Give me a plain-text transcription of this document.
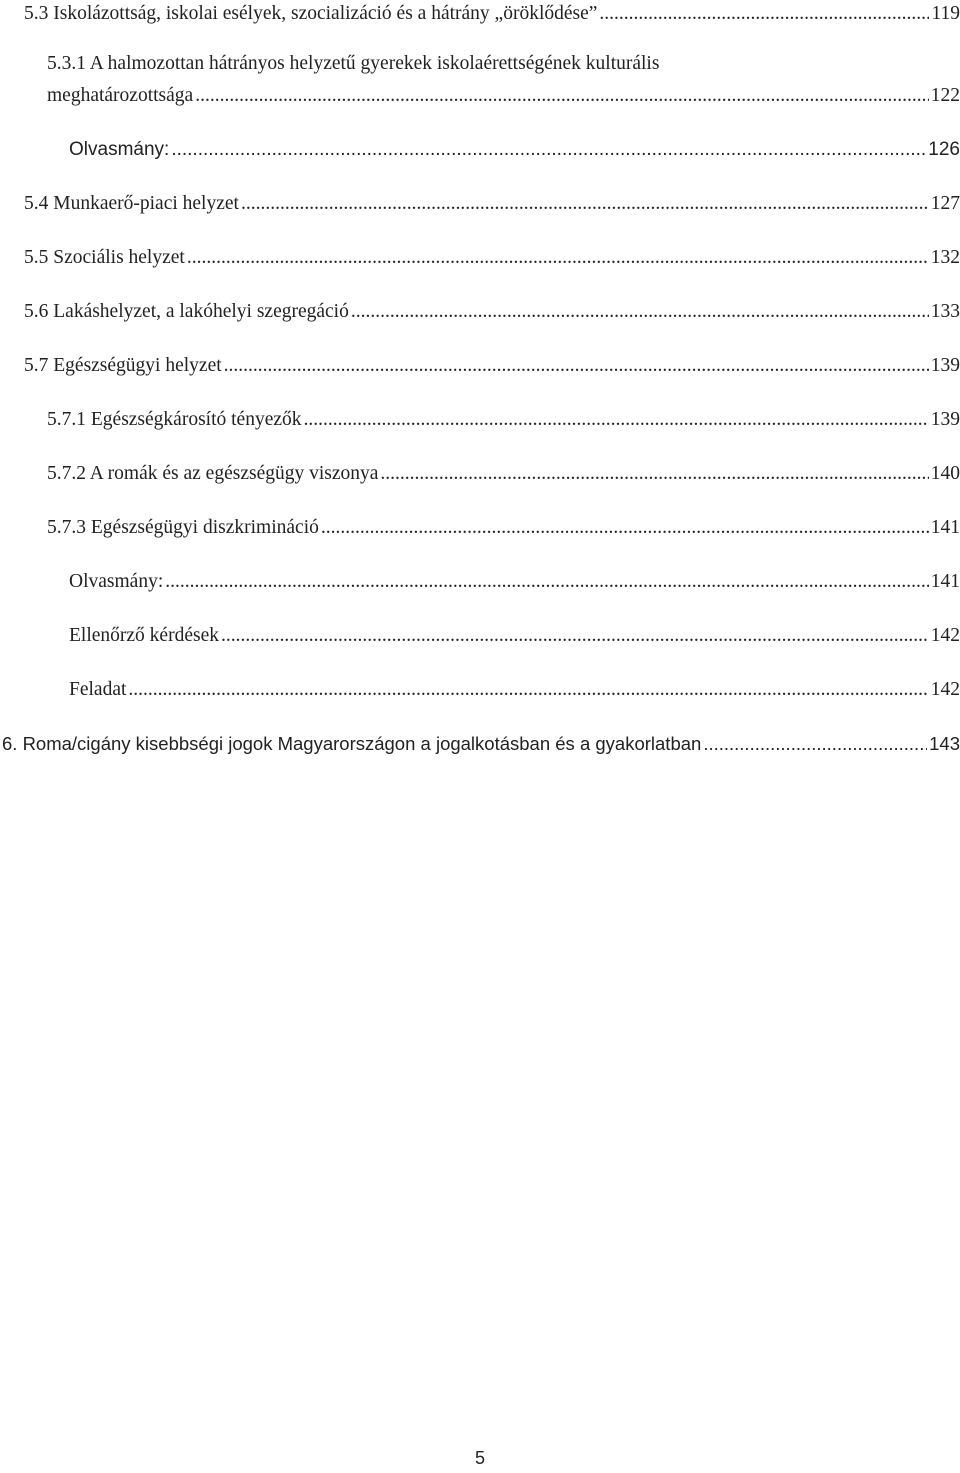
5.3 Iskolázottság, iskolai esélyek, szocializáció és a hátrány „öröklődése” .....	119
5.3.1 A halmozottan hátrányos helyzetű gyerekek iskolaérettségének kulturális
meghatározottsága .....	122
Olvasmány: .....	126
5.4 Munkaerő-piaci helyzet .....	127
5.5 Szociális helyzet .....	132
5.6 Lakáshelyzet, a lakóhelyi szegregáció .....	133
5.7 Egészségügyi helyzet .....	139
5.7.1 Egészségkárosító tényezők .....	139
5.7.2 A romák és az egészségügy viszonya .....	140
5.7.3 Egészségügyi diszkrimináció .....	141
Olvasmány: .....	141
Ellenőrző kérdések .....	142
Feladat .....	142
6. Roma/cigány kisebbségi jogok Magyarországon a jogalkotásban és a gyakorlatban .....	143
5
